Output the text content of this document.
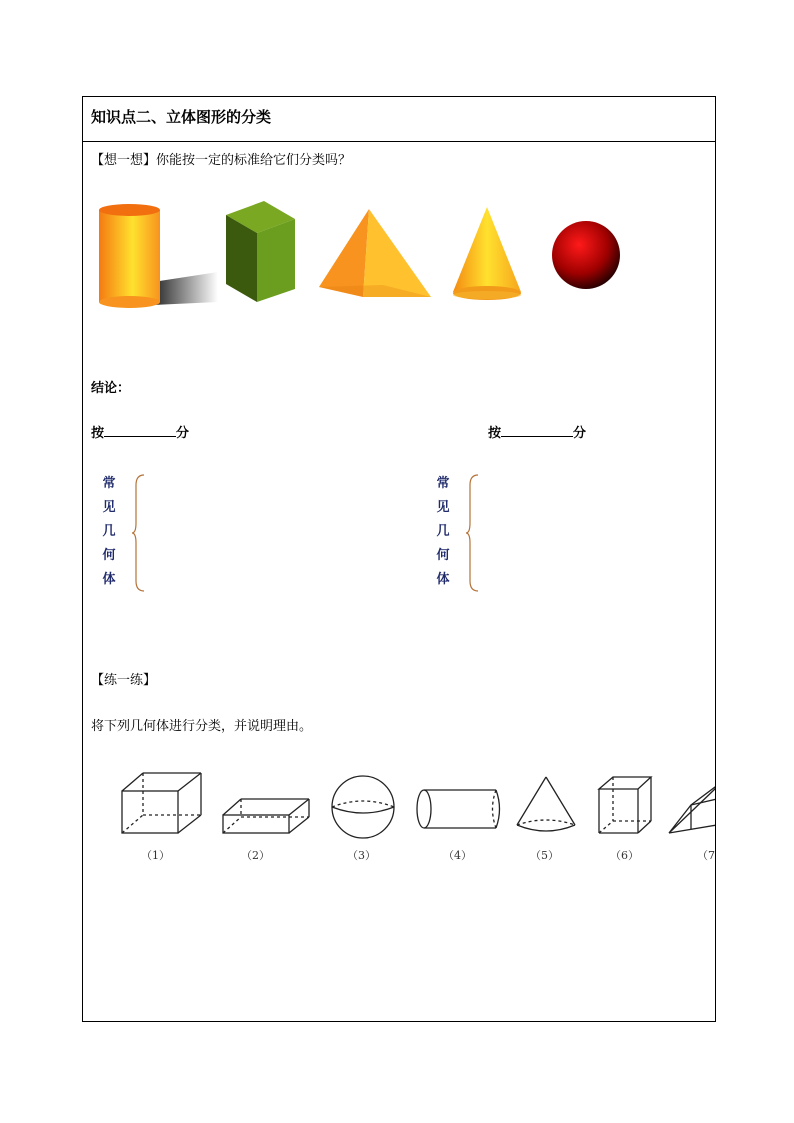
知识点二、立体图形的分类
【想一想】你能按一定的标准给它们分类吗？
结论：
按	分	按	分
常
见
几
何
体
常
见
几
何
体
【练一练】
将下列几何体进行分类，并说明理由。
（1）	（2）	（3）	（4）	（5）	（6）	（7
